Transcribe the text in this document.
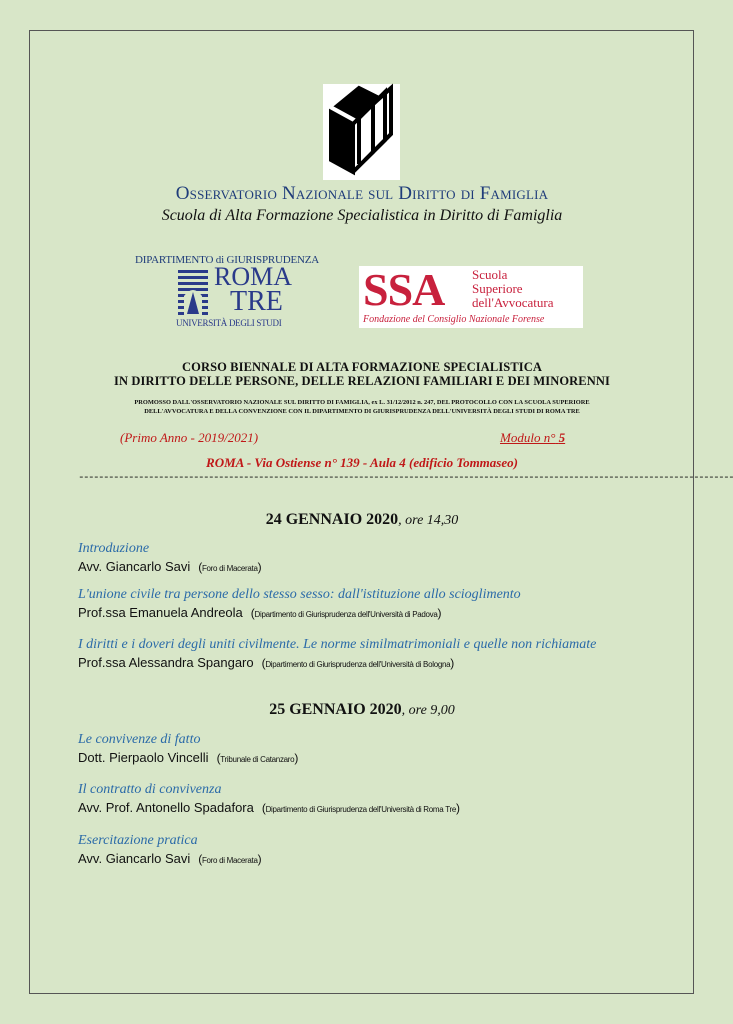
Osservatorio Nazionale sul Diritto di Famiglia
Scuola di Alta Formazione Specialistica in Diritto di Famiglia
DIPARTIMENTO di GIURISPRUDENZA
ROMA
TRE
UNIVERSITÀ DEGLI STUDI
SSA Scuola
Superiore
dell'Avvocatura
Fondazione del Consiglio Nazionale Forense
CORSO BIENNALE DI ALTA FORMAZIONE SPECIALISTICA
IN DIRITTO DELLE PERSONE, DELLE RELAZIONI FAMILIARI E DEI MINORENNI
PROMOSSO DALL'OSSERVATORIO NAZIONALE SUL DIRITTO DI FAMIGLIA, ex L. 31/12/2012 n. 247, DEL PROTOCOLLO CON LA SCUOLA SUPERIORE
DELL'AVVOCATURA E DELLA CONVENZIONE CON IL DIPARTIMENTO DI GIURISPRUDENZA DELL'UNIVERSITÀ DEGLI STUDI DI ROMA TRE
(Primo Anno - 2019/2021)	Modulo n° 5
ROMA - Via Ostiense n° 139 - Aula 4 (edificio Tommaseo)
-----------------------------------------------------------------------------------------------------------------------------------
24 GENNAIO 2020, ore 14,30
Introduzione
Avv. Giancarlo Savi (Foro di Macerata)
L'unione civile tra persone dello stesso sesso: dall'istituzione allo scioglimento
Prof.ssa Emanuela Andreola (Dipartimento di Giurisprudenza dell'Università di Padova)
I diritti e i doveri degli uniti civilmente. Le norme similmatrimoniali e quelle non richiamate
Prof.ssa Alessandra Spangaro (Dipartimento di Giurisprudenza dell'Università di Bologna)
25 GENNAIO 2020, ore 9,00
Le convivenze di fatto
Dott. Pierpaolo Vincelli (Tribunale di Catanzaro)
Il contratto di convivenza
Avv. Prof. Antonello Spadafora (Dipartimento di Giurisprudenza dell'Università di Roma Tre)
Esercitazione pratica
Avv. Giancarlo Savi (Foro di Macerata)
